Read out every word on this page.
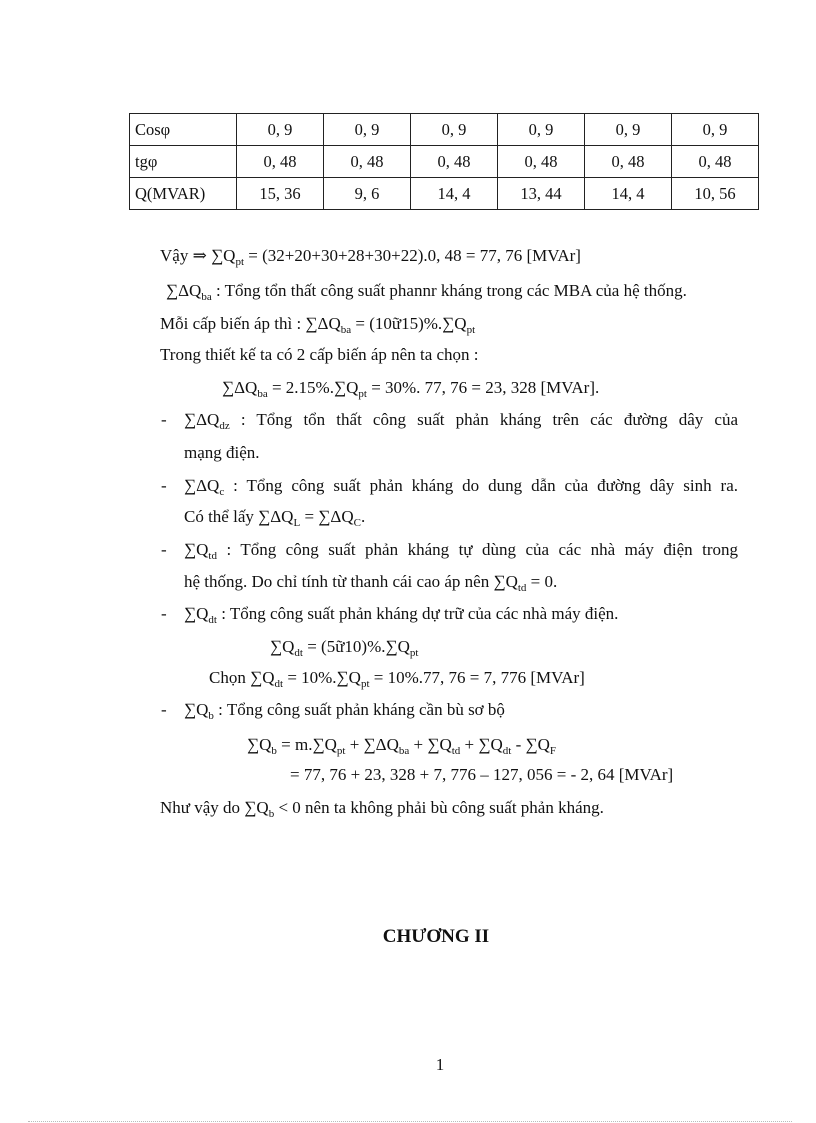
Cosφ	0, 9	0, 9	0, 9	0, 9	0, 9	0, 9
tgφ	0, 48	0, 48	0, 48	0, 48	0, 48	0, 48
Q(MVAR)	15, 36	9, 6	14, 4	13, 44	14, 4	10, 56
Vậy ⇒ $\sum Q_{pt} = (32+20+30+28+30+22).0$, 48 = 77, 76 [MVAr]
$\sum\Delta Q_{ba}$ : Tổng tổn thất công suất phannr kháng trong các MBA của hệ thống.
Mỗi cấp biến áp thì : $\sum\Delta Q_{ba}$ = $(10ữ15)\%.\sum Q_{pt}$
Trong thiết kế ta có 2 cấp biến áp nên ta chọn :
$\sum\Delta Q_{ba} = 2.15\%.\sum Q_{pt} = 30\%$. 77, 76 = 23, 328 [MVAr].
- $\sum\Delta Q_{dz}$ : Tổng tổn thất công suất phản kháng trên các đường dây của
mạng điện.
- $\sum\Delta Q_c$ : Tổng công suất phản kháng do dung dẫn của đường dây sinh ra.
Có thể lấy $\sum\Delta Q_L = \sum\Delta Q_C$.
- $\sum Q_{td}$ : Tổng công suất phản kháng tự dùng của các nhà máy điện trong
hệ thống. Do chỉ tính từ thanh cái cao áp nên $\sum Q_{td} = 0$.
- $\sum Q_{dt}$ : Tổng công suất phản kháng dự trữ của các nhà máy điện.
$\sum Q_{dt}$ = $(5ữ10)\%.\sum Q_{pt}$
Chọn $\sum Q_{dt} = 10\%.\sum Q_{pt} = 10\%.77$, 76 = 7, 776 [MVAr]
- $\sum Q_b$ : Tổng công suất phản kháng cần bù sơ bộ
$\sum Q_b = m.\sum Q_{pt} + \sum\Delta Q_{ba} + \sum Q_{td} + \sum Q_{dt} - \sum Q_F$
= 77, 76 + 23, 328 + 7, 776 – 127, 056 = - 2, 64 [MVAr]
Như vậy do $\sum Q_b < 0$ nên ta không phải bù công suất phản kháng.
CHƯƠNG II
1
